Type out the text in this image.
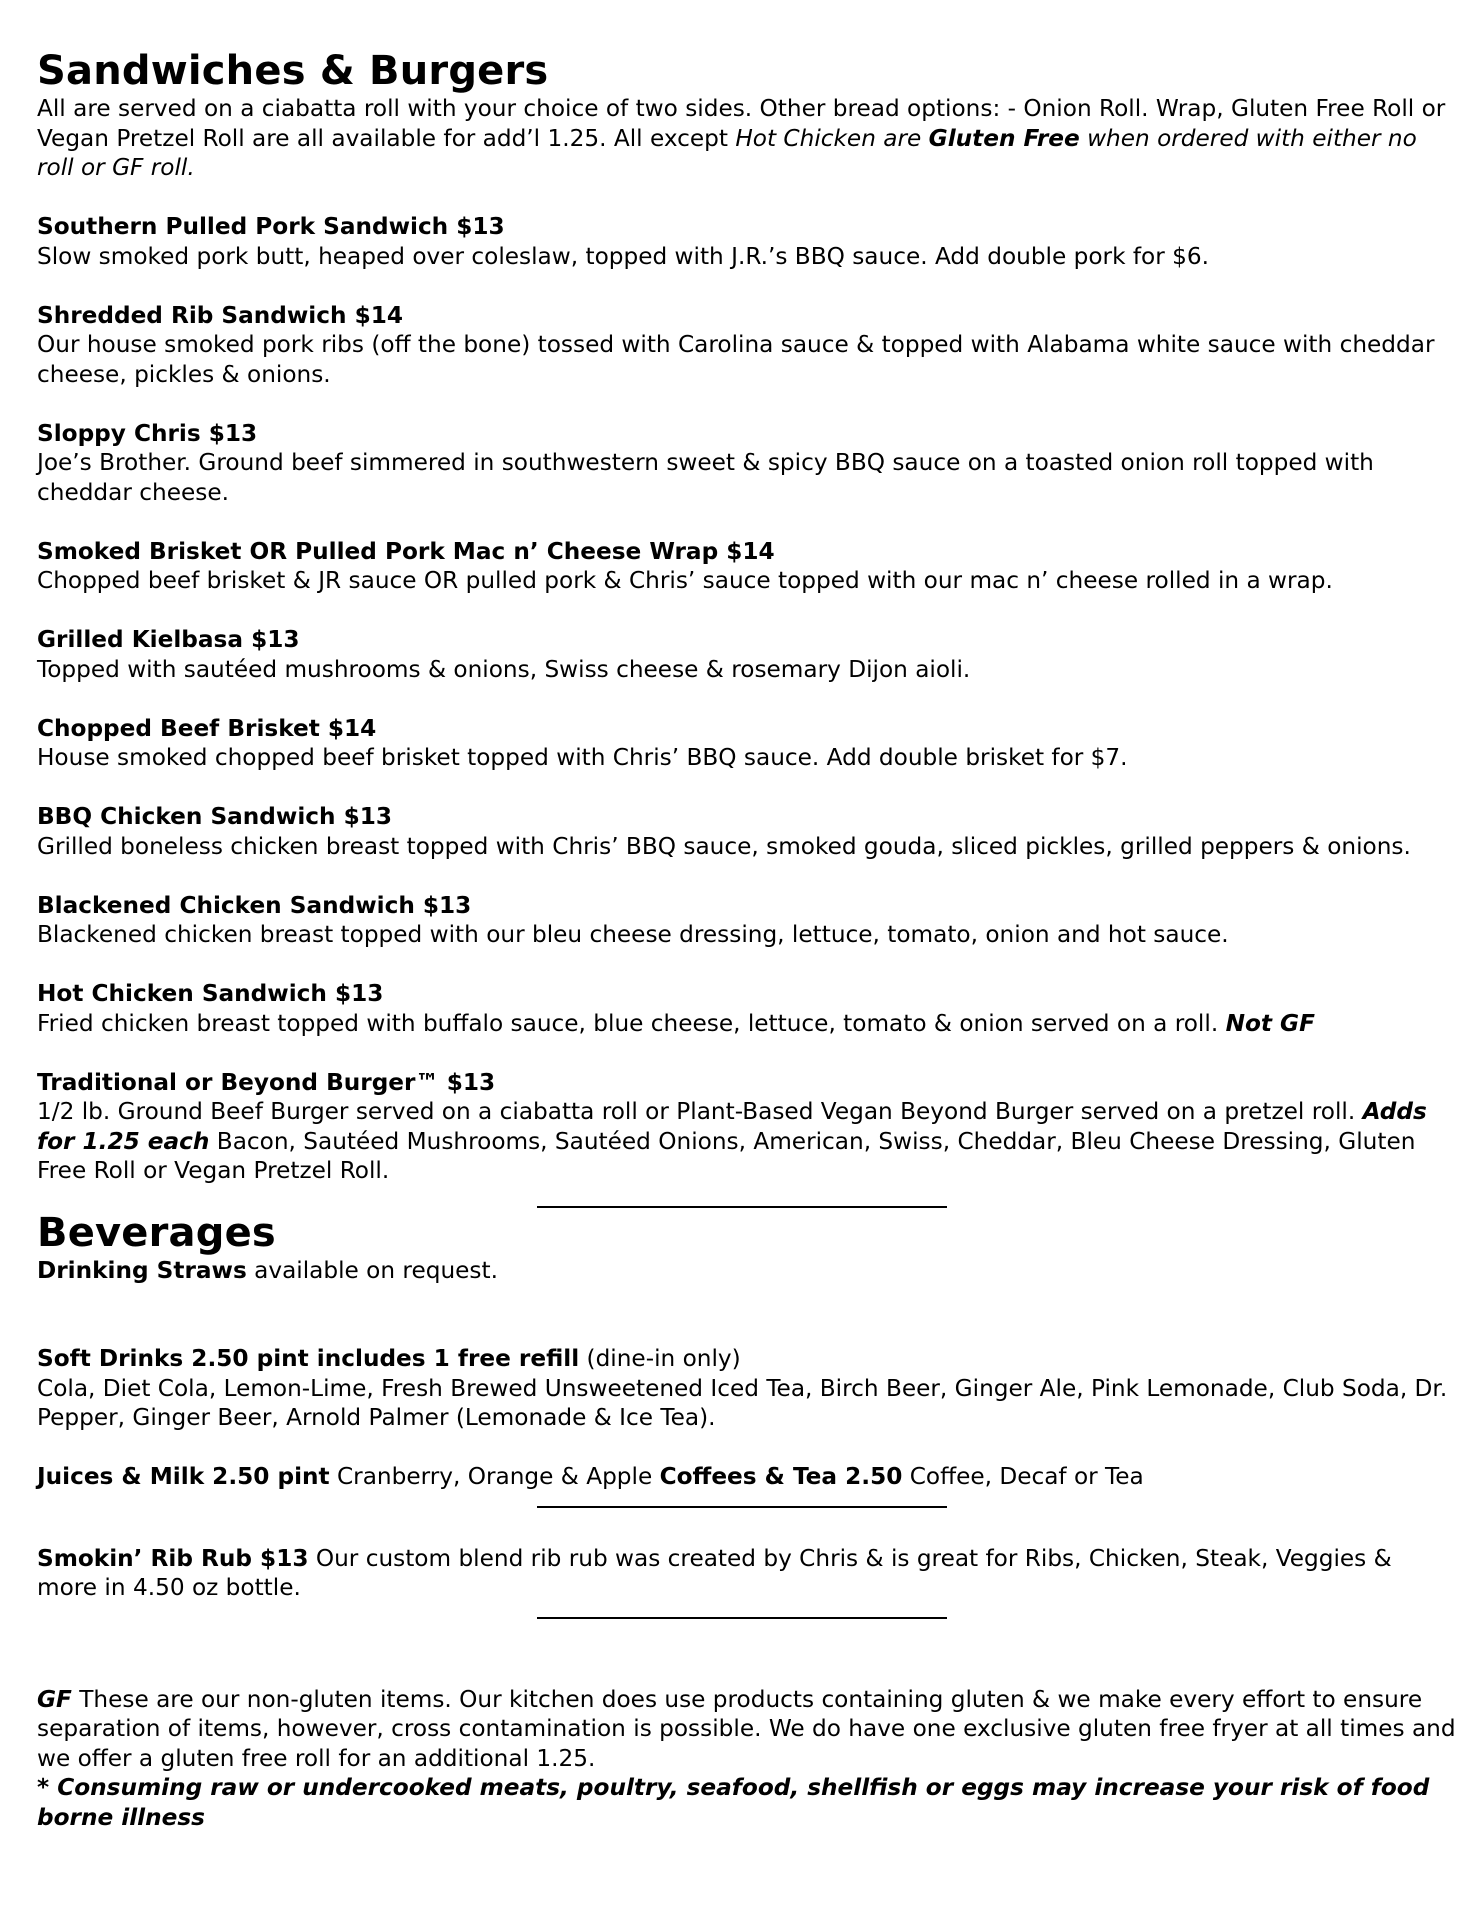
Sandwiches & Burgers

All are served on a ciabatta roll with your choice of two sides. Other bread options: - Onion Roll. Wrap, Gluten Free Roll or Vegan Pretzel Roll are all available for add’l 1.25. All except Hot Chicken are Gluten Free when ordered with either no roll or GF roll.

Southern Pulled Pork Sandwich $13

Slow smoked pork butt, heaped over coleslaw, topped with J.R.’s BBQ sauce. Add double pork for $6.

Shredded Rib Sandwich $14

Our house smoked pork ribs (off the bone) tossed with Carolina sauce & topped with Alabama white sauce with cheddar cheese, pickles & onions.

Sloppy Chris $13

Joe’s Brother. Ground beef simmered in southwestern sweet & spicy BBQ sauce on a toasted onion roll topped with cheddar cheese.

Smoked Brisket OR Pulled Pork Mac n’ Cheese Wrap $14

Chopped beef brisket & JR sauce OR pulled pork & Chris’ sauce topped with our mac n’ cheese rolled in a wrap.

Grilled Kielbasa $13

Topped with sautéed mushrooms & onions, Swiss cheese & rosemary Dijon aioli.

Chopped Beef Brisket $14

House smoked chopped beef brisket topped with Chris’ BBQ sauce. Add double brisket for $7.

BBQ Chicken Sandwich $13

Grilled boneless chicken breast topped with Chris’ BBQ sauce, smoked gouda, sliced pickles, grilled peppers & onions.

Blackened Chicken Sandwich $13

Blackened chicken breast topped with our bleu cheese dressing, lettuce, tomato, onion and hot sauce.

Hot Chicken Sandwich $13

Fried chicken breast topped with buffalo sauce, blue cheese, lettuce, tomato & onion served on a roll. Not GF

Traditional or Beyond Burger™ $13

1/2 lb. Ground Beef Burger served on a ciabatta roll or Plant-Based Vegan Beyond Burger served on a pretzel roll. Adds for 1.25 each Bacon, Sautéed Mushrooms, Sautéed Onions, American, Swiss, Cheddar, Bleu Cheese Dressing, Gluten Free Roll or Vegan Pretzel Roll.

Beverages

Drinking Straws available on request.

Soft Drinks 2.50 pint includes 1 free refill (dine-in only)

Cola, Diet Cola, Lemon-Lime, Fresh Brewed Unsweetened Iced Tea, Birch Beer, Ginger Ale, Pink Lemonade, Club Soda, Dr. Pepper, Ginger Beer, Arnold Palmer (Lemonade & Ice Tea).

Juices & Milk 2.50 pint Cranberry, Orange & Apple Coffees & Tea 2.50 Coffee, Decaf or Tea

Smokin’ Rib Rub $13 Our custom blend rib rub was created by Chris & is great for Ribs, Chicken, Steak, Veggies & more in 4.50 oz bottle.

GF These are our non-gluten items. Our kitchen does use products containing gluten & we make every effort to ensure separation of items, however, cross contamination is possible. We do have one exclusive gluten free fryer at all times and we offer a gluten free roll for an additional 1.25.

* Consuming raw or undercooked meats, poultry, seafood, shellfish or eggs may increase your risk of food borne illness
